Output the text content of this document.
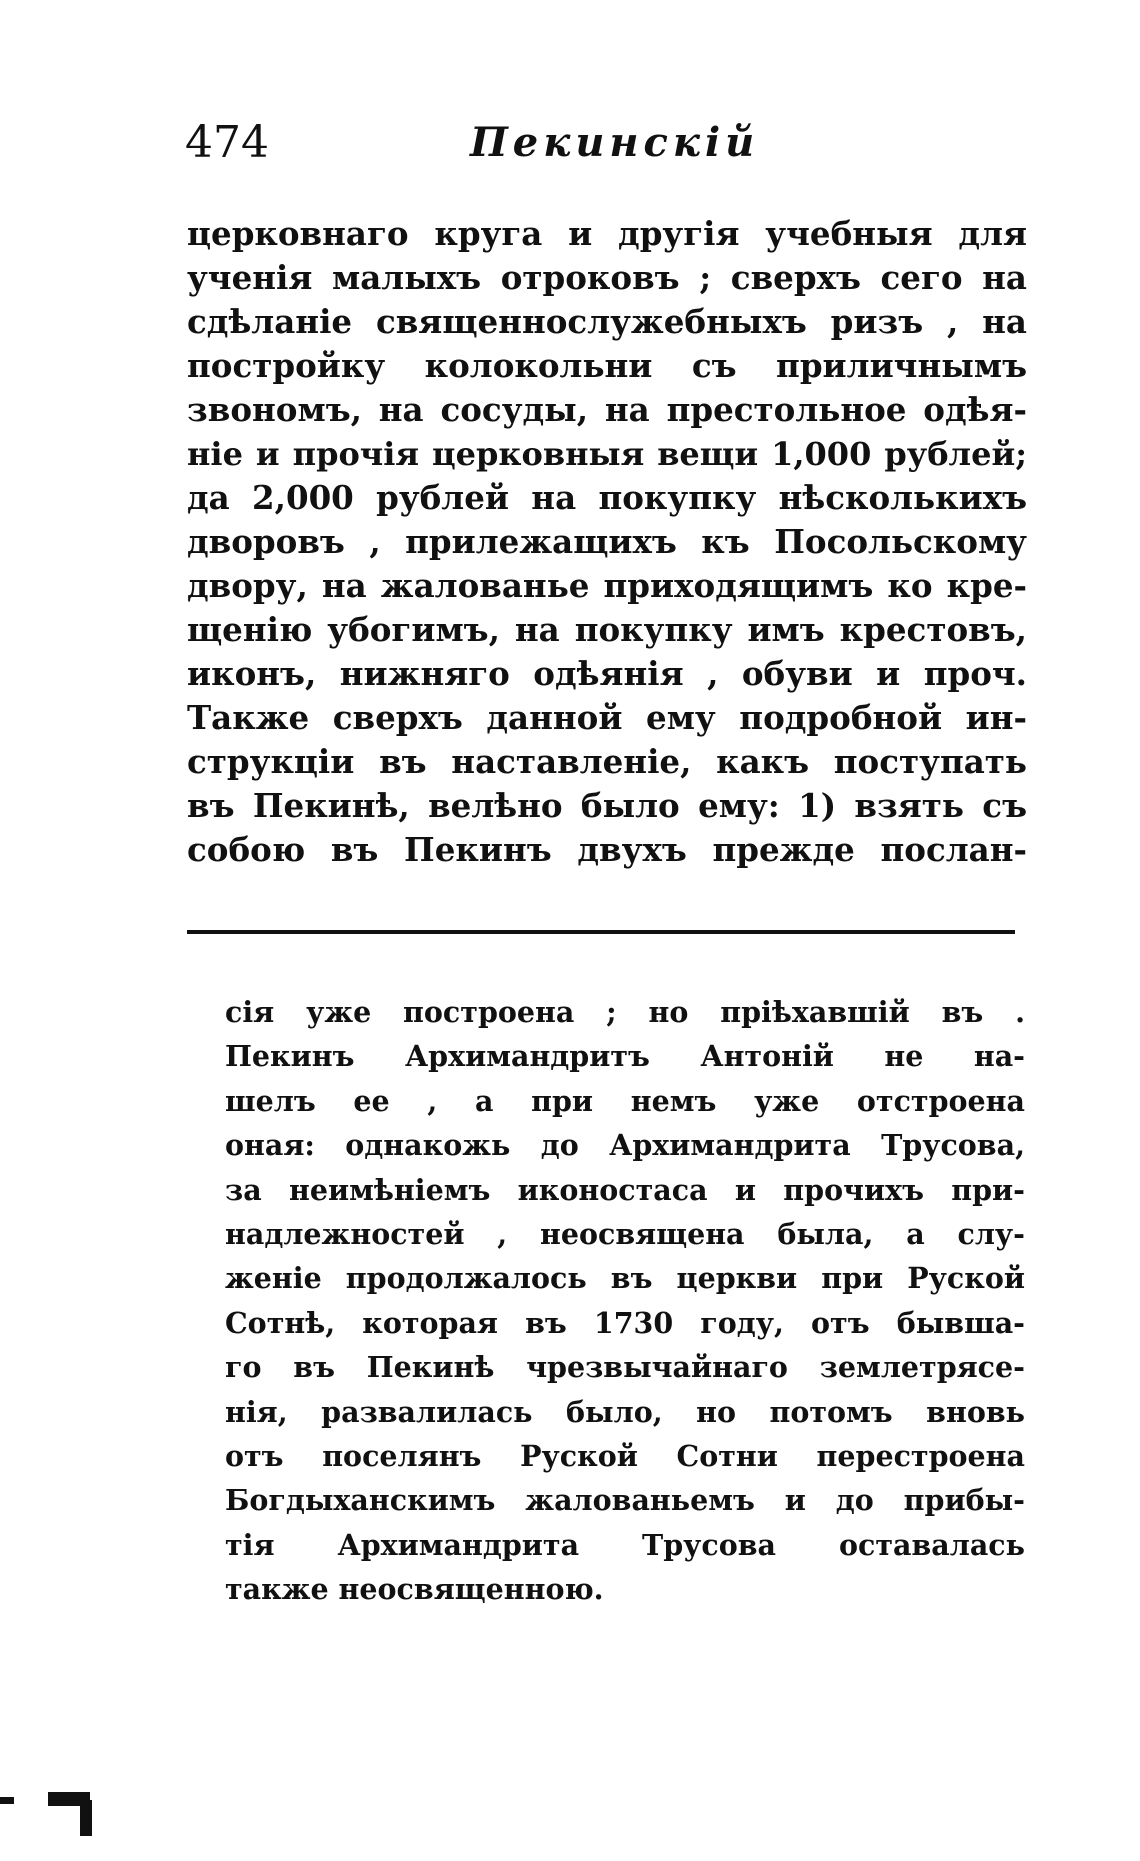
474	Пекинскій
церковнаго круга и другія учебныя для
ученія малыхъ отроковъ ; сверхъ сего на
сдѣланіе священнослужебныхъ ризъ , на
постройку колокольни съ приличнымъ
звономъ, на сосуды, на престольное одѣя-
ніе и прочія церковныя вещи 1,000 рублей;
да 2,000 рублей на покупку нѣсколькихъ
дворовъ , прилежащихъ къ Посольскому
двору, на жалованье приходящимъ ко кре-
щенію убогимъ, на покупку имъ крестовъ,
иконъ, нижняго одѣянія , обуви и проч.
Также сверхъ данной ему подробной ин-
струкціи въ наставленіе, какъ поступать
въ Пекинѣ, велѣно было ему: 1) взять съ
собою въ Пекинъ двухъ прежде послан-
сія уже построена ; но пріѣхавшій въ .
Пекинъ Архимандритъ Антоній не на-
шелъ ее , а при немъ уже отстроена
оная: однакожь до Архимандрита Трусова,
за неимѣніемъ иконостаса и прочихъ при-
надлежностей , неосвящена была, а слу-
женіе продолжалось въ церкви при Руской
Сотнѣ, которая въ 1730 году, отъ бывша-
го въ Пекинѣ чрезвычайнаго землетрясе-
нія, развалилась было, но потомъ вновь
отъ поселянъ Руской Сотни перестроена
Богдыханскимъ жалованьемъ и до прибы-
тія Архимандрита Трусова оставалась
также неосвященною.
